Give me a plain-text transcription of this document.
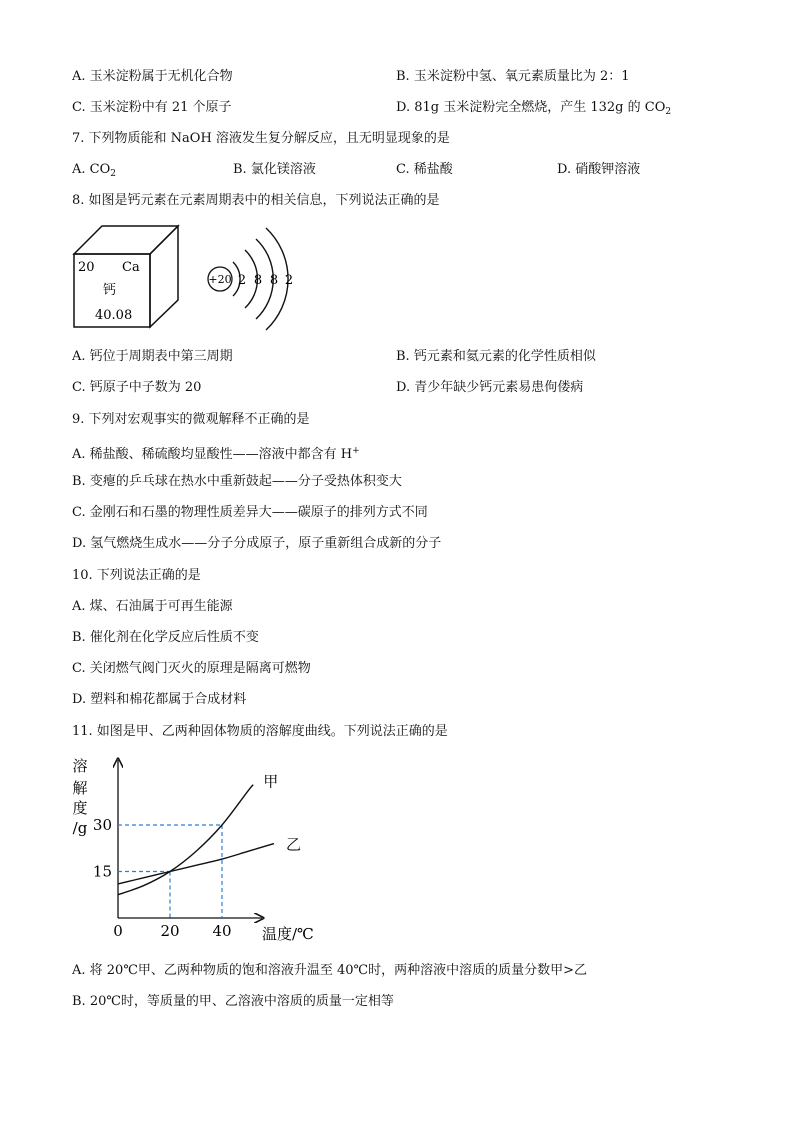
A. 玉米淀粉属于无机化合物	B. 玉米淀粉中氢、氧元素质量比为 2：1
C. 玉米淀粉中有 21 个原子	D. 81g 玉米淀粉完全燃烧，产生 132g 的 $CO_2$
7. 下列物质能和 NaOH 溶液发生复分解反应，且无明显现象的是
A. $CO_2$	B. 氯化镁溶液	C. 稀盐酸	D. 硝酸钾溶液
8. 如图是钙元素在元素周期表中的相关信息，下列说法正确的是
20 Ca
钙
40.08
+20 2 8 8 2
A. 钙位于周期表中第三周期	B. 钙元素和氦元素的化学性质相似
C. 钙原子中子数为 20	D. 青少年缺少钙元素易患佝偻病
9. 下列对宏观事实的微观解释不正确的是
A. 稀盐酸、稀硫酸均显酸性——溶液中都含有 H+
B. 变瘪的乒乓球在热水中重新鼓起——分子受热体积变大
C. 金刚石和石墨的物理性质差异大——碳原子的排列方式不同
D. 氢气燃烧生成水——分子分成原子，原子重新组合成新的分子
10. 下列说法正确的是
A. 煤、石油属于可再生能源
B. 催化剂在化学反应后性质不变
C. 关闭燃气阀门灭火的原理是隔离可燃物
D. 塑料和棉花都属于合成材料
11. 如图是甲、乙两种固体物质的溶解度曲线。下列说法正确的是
甲
乙
溶
解
度
/g
15
30
0	20 40 温度/℃
A. 将 20℃甲、乙两种物质的饱和溶液升温至 40℃时，两种溶液中溶质的质量分数甲>乙
B. 20℃时，等质量的甲、乙溶液中溶质的质量一定相等
